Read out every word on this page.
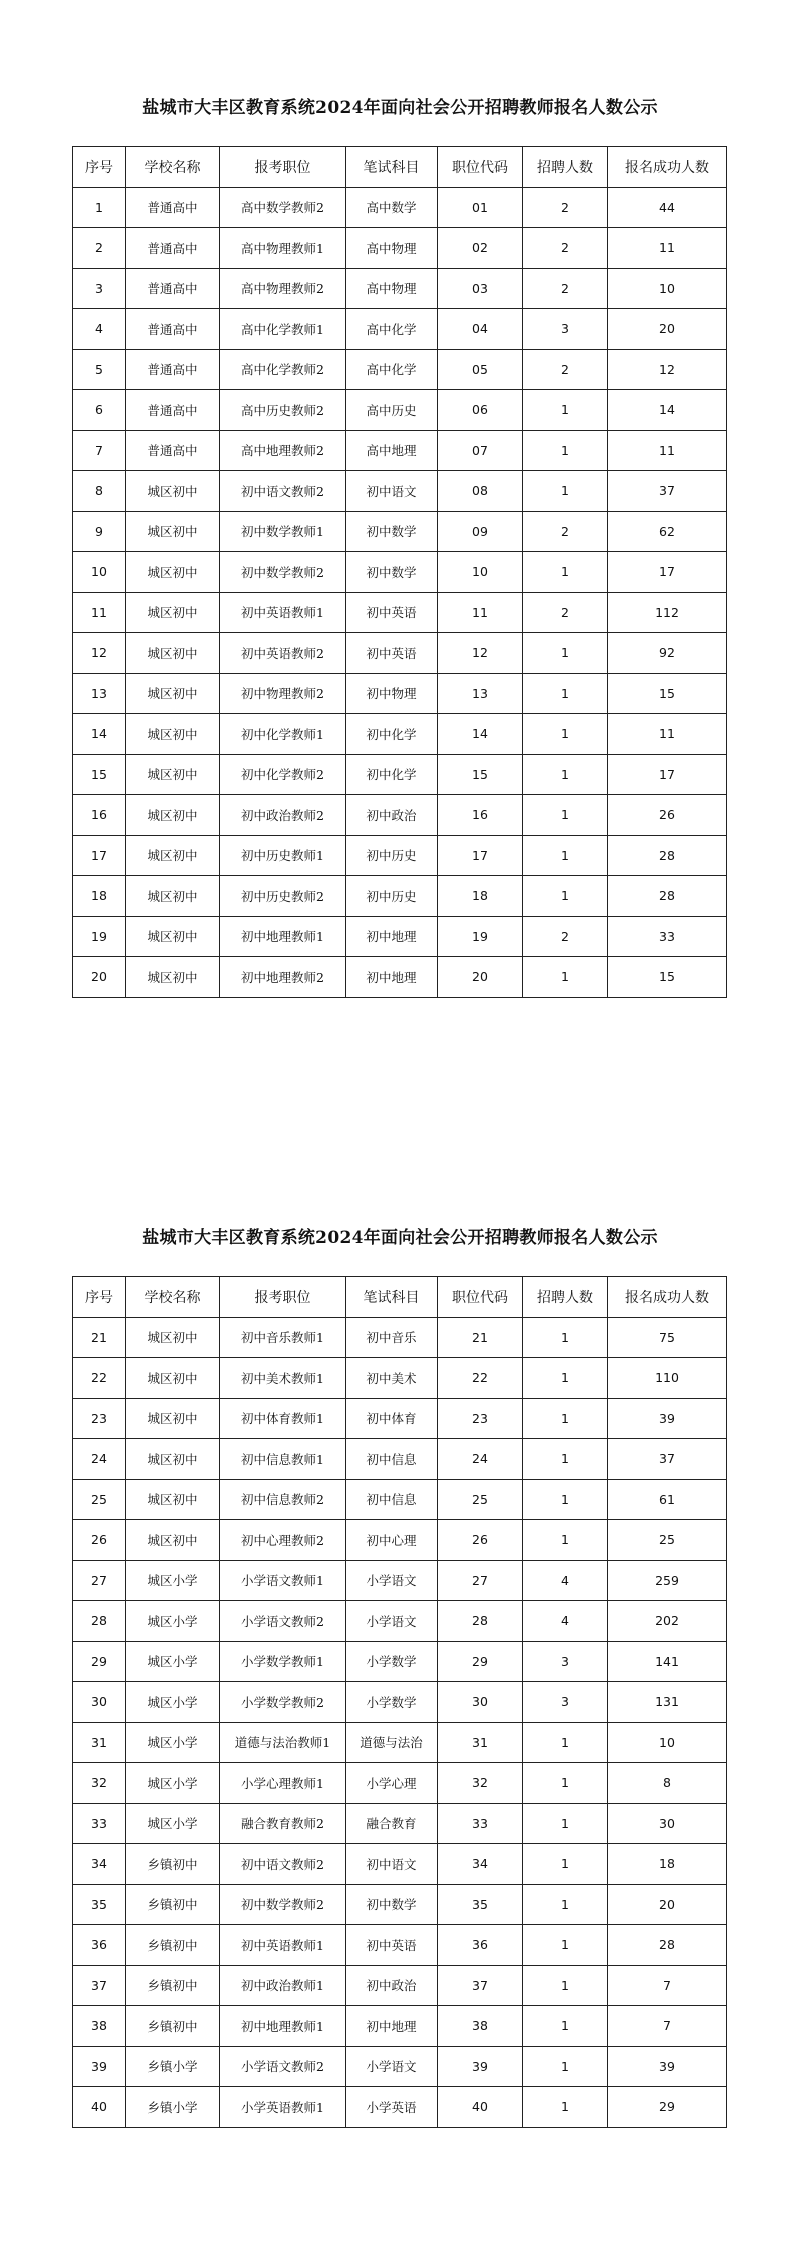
盐城市大丰区教育系统2024年面向社会公开招聘教师报名人数公示
序号	学校名称	报考职位	笔试科目	职位代码	招聘人数	报名成功人数
1	普通高中	高中数学教师2	高中数学	01	2	44
2	普通高中	高中物理教师1	高中物理	02	2	11
3	普通高中	高中物理教师2	高中物理	03	2	10
4	普通高中	高中化学教师1	高中化学	04	3	20
5	普通高中	高中化学教师2	高中化学	05	2	12
6	普通高中	高中历史教师2	高中历史	06	1	14
7	普通高中	高中地理教师2	高中地理	07	1	11
8	城区初中	初中语文教师2	初中语文	08	1	37
9	城区初中	初中数学教师1	初中数学	09	2	62
10	城区初中	初中数学教师2	初中数学	10	1	17
11	城区初中	初中英语教师1	初中英语	11	2	112
12	城区初中	初中英语教师2	初中英语	12	1	92
13	城区初中	初中物理教师2	初中物理	13	1	15
14	城区初中	初中化学教师1	初中化学	14	1	11
15	城区初中	初中化学教师2	初中化学	15	1	17
16	城区初中	初中政治教师2	初中政治	16	1	26
17	城区初中	初中历史教师1	初中历史	17	1	28
18	城区初中	初中历史教师2	初中历史	18	1	28
19	城区初中	初中地理教师1	初中地理	19	2	33
20	城区初中	初中地理教师2	初中地理	20	1	15
盐城市大丰区教育系统2024年面向社会公开招聘教师报名人数公示
序号	学校名称	报考职位	笔试科目	职位代码	招聘人数	报名成功人数
21	城区初中	初中音乐教师1	初中音乐	21	1	75
22	城区初中	初中美术教师1	初中美术	22	1	110
23	城区初中	初中体育教师1	初中体育	23	1	39
24	城区初中	初中信息教师1	初中信息	24	1	37
25	城区初中	初中信息教师2	初中信息	25	1	61
26	城区初中	初中心理教师2	初中心理	26	1	25
27	城区小学	小学语文教师1	小学语文	27	4	259
28	城区小学	小学语文教师2	小学语文	28	4	202
29	城区小学	小学数学教师1	小学数学	29	3	141
30	城区小学	小学数学教师2	小学数学	30	3	131
31	城区小学	道德与法治教师1	道德与法治	31	1	10
32	城区小学	小学心理教师1	小学心理	32	1	8
33	城区小学	融合教育教师2	融合教育	33	1	30
34	乡镇初中	初中语文教师2	初中语文	34	1	18
35	乡镇初中	初中数学教师2	初中数学	35	1	20
36	乡镇初中	初中英语教师1	初中英语	36	1	28
37	乡镇初中	初中政治教师1	初中政治	37	1	7
38	乡镇初中	初中地理教师1	初中地理	38	1	7
39	乡镇小学	小学语文教师2	小学语文	39	1	39
40	乡镇小学	小学英语教师1	小学英语	40	1	29
